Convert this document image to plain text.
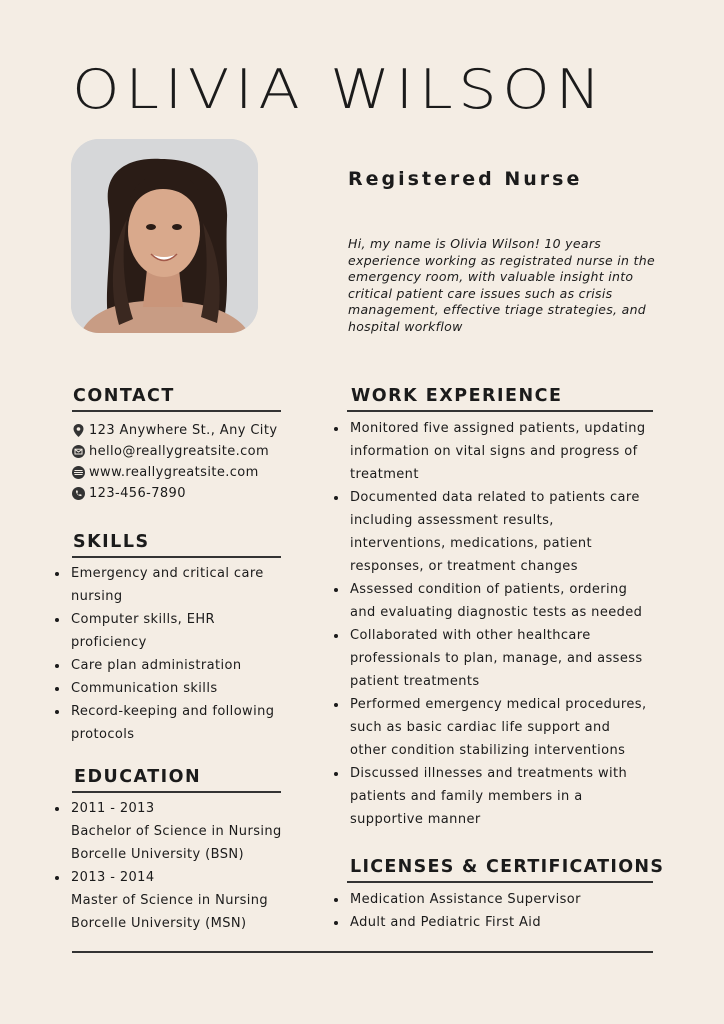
OLIVIA WILSON
Registered Nurse
Hi, my name is Olivia Wilson! 10 years experience working as registrated nurse in the emergency room, with valuable insight into critical patient care issues such as crisis management, effective triage strategies, and hospital workflow
CONTACT
123 Anywhere St., Any City
hello@reallygreatsite.com
www.reallygreatsite.com
123-456-7890
SKILLS
Emergency and critical care nursing
Computer skills, EHR proficiency
Care plan administration
Communication skills
Record-keeping and following protocols
EDUCATION
2011 - 2013
Bachelor of Science in Nursing
Borcelle University (BSN)
2013 - 2014
Master of Science in Nursing
Borcelle University (MSN)
WORK EXPERIENCE
Monitored five assigned patients, updating information on vital signs and progress of treatment
Documented data related to patients care including assessment results, interventions, medications, patient responses, or treatment changes
Assessed condition of patients, ordering and evaluating diagnostic tests as needed
Collaborated with other healthcare professionals to plan, manage, and assess patient treatments
Performed emergency medical procedures, such as basic cardiac life support and other condition stabilizing interventions
Discussed illnesses and treatments with patients and family members in a supportive manner
LICENSES & CERTIFICATIONS
Medication Assistance Supervisor
Adult and Pediatric First Aid
